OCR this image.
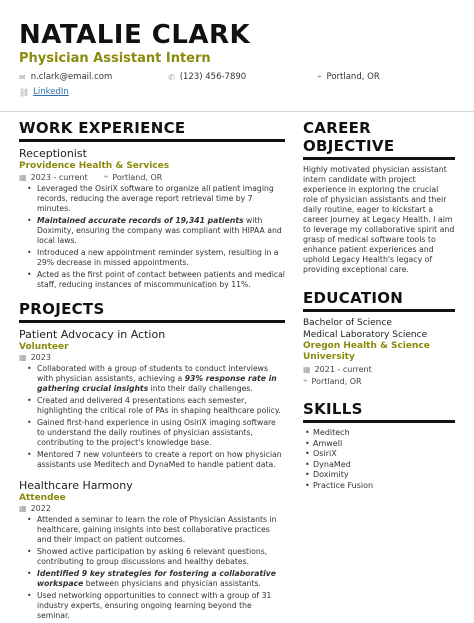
NATALIE CLARK
Physician Assistant Intern
✉ n.clark@email.com	✆ (123) 456-7890	⌖ Portland, OR
⛓ LinkedIn
WORK EXPERIENCE
Receptionist
Providence Health & Services
▦ 2023 - current ⌖ Portland, OR
• Leveraged the OsiriX software to organize all patient imaging records, reducing the average report retrieval time by 7 minutes.
• Maintained accurate records of 19,341 patients with Doximity, ensuring the company was compliant with HIPAA and local laws.
• Introduced a new appointment reminder system, resulting in a 29% decrease in missed appointments.
• Acted as the first point of contact between patients and medical staff, reducing instances of miscommunication by 11%.
PROJECTS
Patient Advocacy in Action
Volunteer
▦ 2023
• Collaborated with a group of students to conduct interviews with physician assistants, achieving a 93% response rate in gathering crucial insights into their daily challenges.
• Created and delivered 4 presentations each semester, highlighting the critical role of PAs in shaping healthcare policy.
• Gained first-hand experience in using OsiriX imaging software to understand the daily routines of physician assistants, contributing to the project's knowledge base.
• Mentored 7 new volunteers to create a report on how physician assistants use Meditech and DynaMed to handle patient data.
Healthcare Harmony
Attendee
▦ 2022
• Attended a seminar to learn the role of Physician Assistants in healthcare, gaining insights into best collaborative practices and their impact on patient outcomes.
• Showed active participation by asking 6 relevant questions, contributing to group discussions and healthy debates.
• Identified 9 key strategies for fostering a collaborative workspace between physicians and physician assistants.
• Used networking opportunities to connect with a group of 31 industry experts, ensuring ongoing learning beyond the seminar.
CAREER
OBJECTIVE
Highly motivated physician assistant intern candidate with project experience in exploring the crucial role of physician assistants and their daily routine, eager to kickstart a career journey at Legacy Health. I aim to leverage my collaborative spirit and grasp of medical software tools to enhance patient experiences and uphold Legacy Health's legacy of providing exceptional care.
EDUCATION
Bachelor of Science
Medical Laboratory Science
Oregon Health & Science University
▦ 2021 - current
⌖ Portland, OR
SKILLS
• Meditech
• Amwell
• OsiriX
• DynaMed
• Doximity
• Practice Fusion
